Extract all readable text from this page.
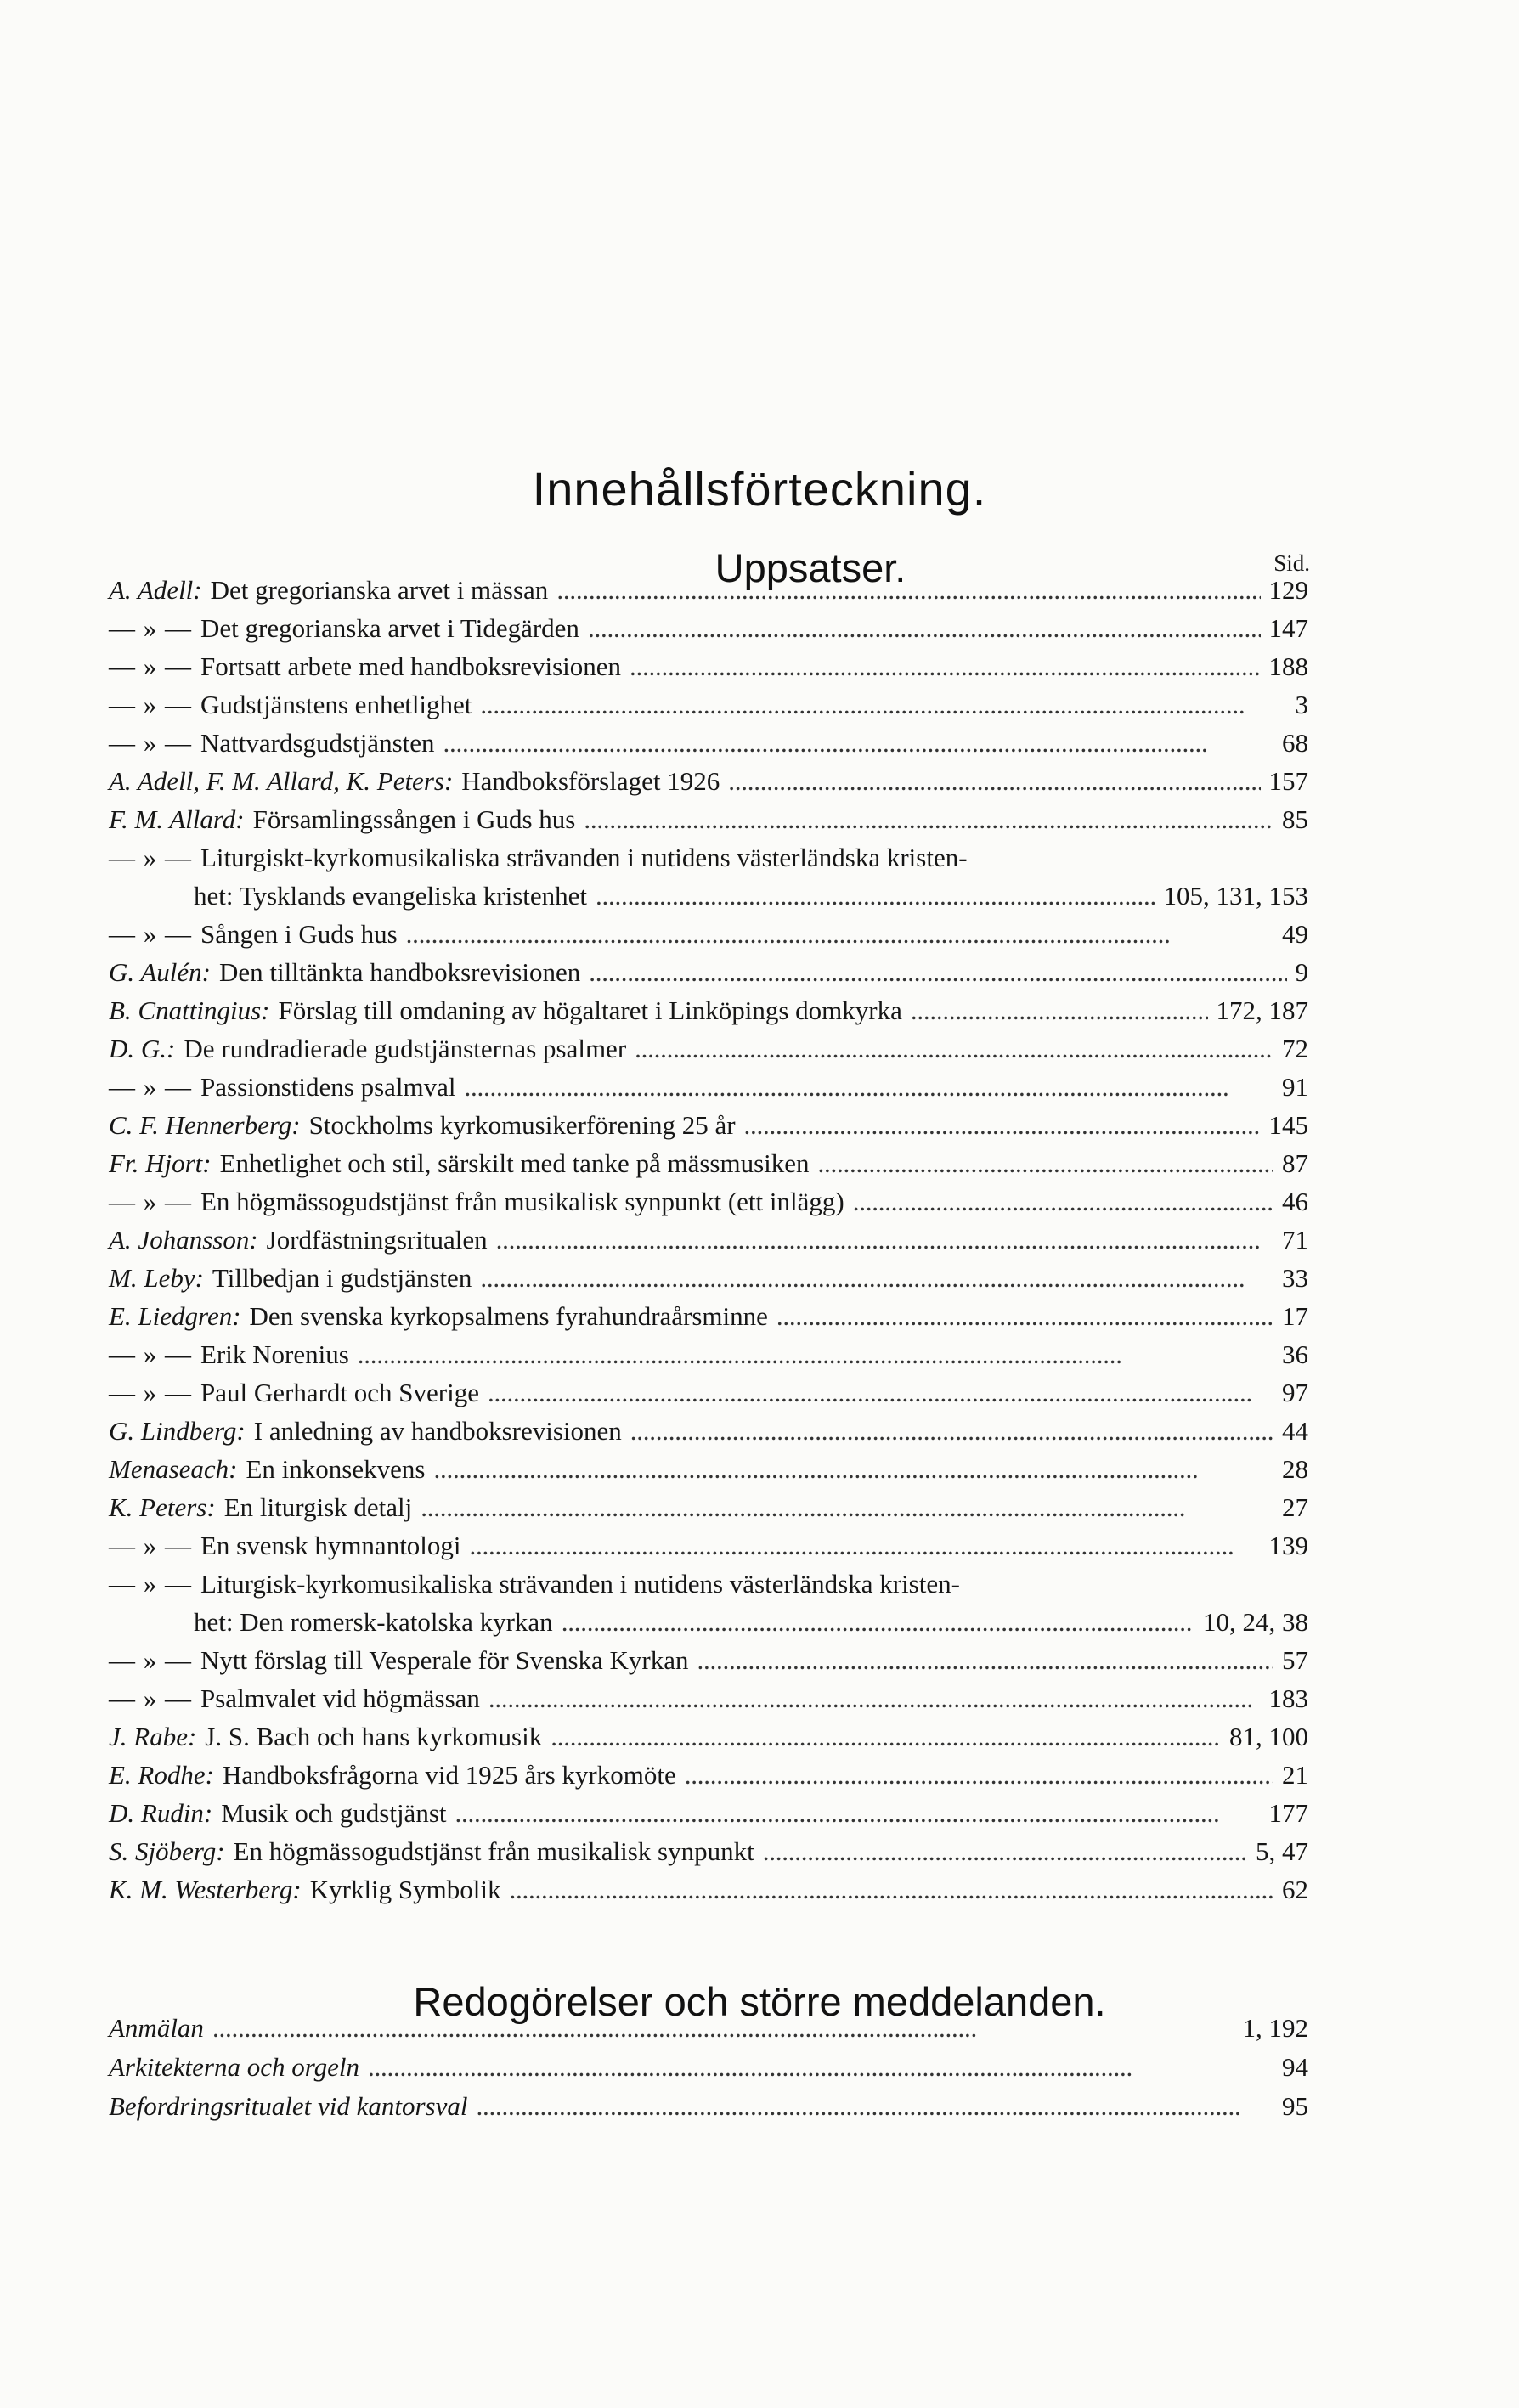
Innehållsförteckning.
Uppsatser.	Sid.
A. Adell: Det gregorianska arvet i mässan . . .	129
— » — Det gregorianska arvet i Tidegärden . . .	147
— » — Fortsatt arbete med handboksrevisionen . . .	188
— » — Gudstjänstens enhetlighet . . .	3
— » — Nattvardsgudstjänsten . . .	68
A. Adell, F. M. Allard, K. Peters: Handboksförslaget 1926 . . .	157
F. M. Allard: Församlingssången i Guds hus . . .	85
— » — Liturgiskt-kyrkomusikaliska strävanden i nutidens västerländska kristen-
het: Tysklands evangeliska kristenhet . . .	105, 131, 153
— » — Sången i Guds hus . . .	49
G. Aulén: Den tilltänkta handboksrevisionen . . .	9
B. Cnattingius: Förslag till omdaning av högaltaret i Linköpings domkyrka . . .	172, 187
D. G.: De rundradierade gudstjänsternas psalmer . . .	72
— » — Passionstidens psalmval . . .	91
C. F. Hennerberg: Stockholms kyrkomusikerförening 25 år . . .	145
Fr. Hjort: Enhetlighet och stil, särskilt med tanke på mässmusiken . . .	87
— » — En högmässogudstjänst från musikalisk synpunkt (ett inlägg) . . .	46
A. Johansson: Jordfästningsritualen . . .	71
M. Leby: Tillbedjan i gudstjänsten . . .	33
E. Liedgren: Den svenska kyrkopsalmens fyrahundraårsminne . . .	17
— » — Erik Norenius . . .	36
— » — Paul Gerhardt och Sverige . . .	97
G. Lindberg: I anledning av handboksrevisionen . . .	44
Menaseach: En inkonsekvens . . .	28
K. Peters: En liturgisk detalj . . .	27
— » — En svensk hymnantologi . . .	139
— » — Liturgisk-kyrkomusikaliska strävanden i nutidens västerländska kristen-
het: Den romersk-katolska kyrkan . . .	10, 24, 38
— » — Nytt förslag till Vesperale för Svenska Kyrkan . . .	57
— » — Psalmvalet vid högmässan . . .	183
J. Rabe: J. S. Bach och hans kyrkomusik . . .	81, 100
E. Rodhe: Handboksfrågorna vid 1925 års kyrkomöte . . .	21
D. Rudin: Musik och gudstjänst . . .	177
S. Sjöberg: En högmässogudstjänst från musikalisk synpunkt . . .	5, 47
K. M. Westerberg: Kyrklig Symbolik . . .	62
Redogörelser och större meddelanden.
Anmälan . . .	1, 192
Arkitekterna och orgeln . . .	94
Befordringsritualet vid kantorsval . . .	95
